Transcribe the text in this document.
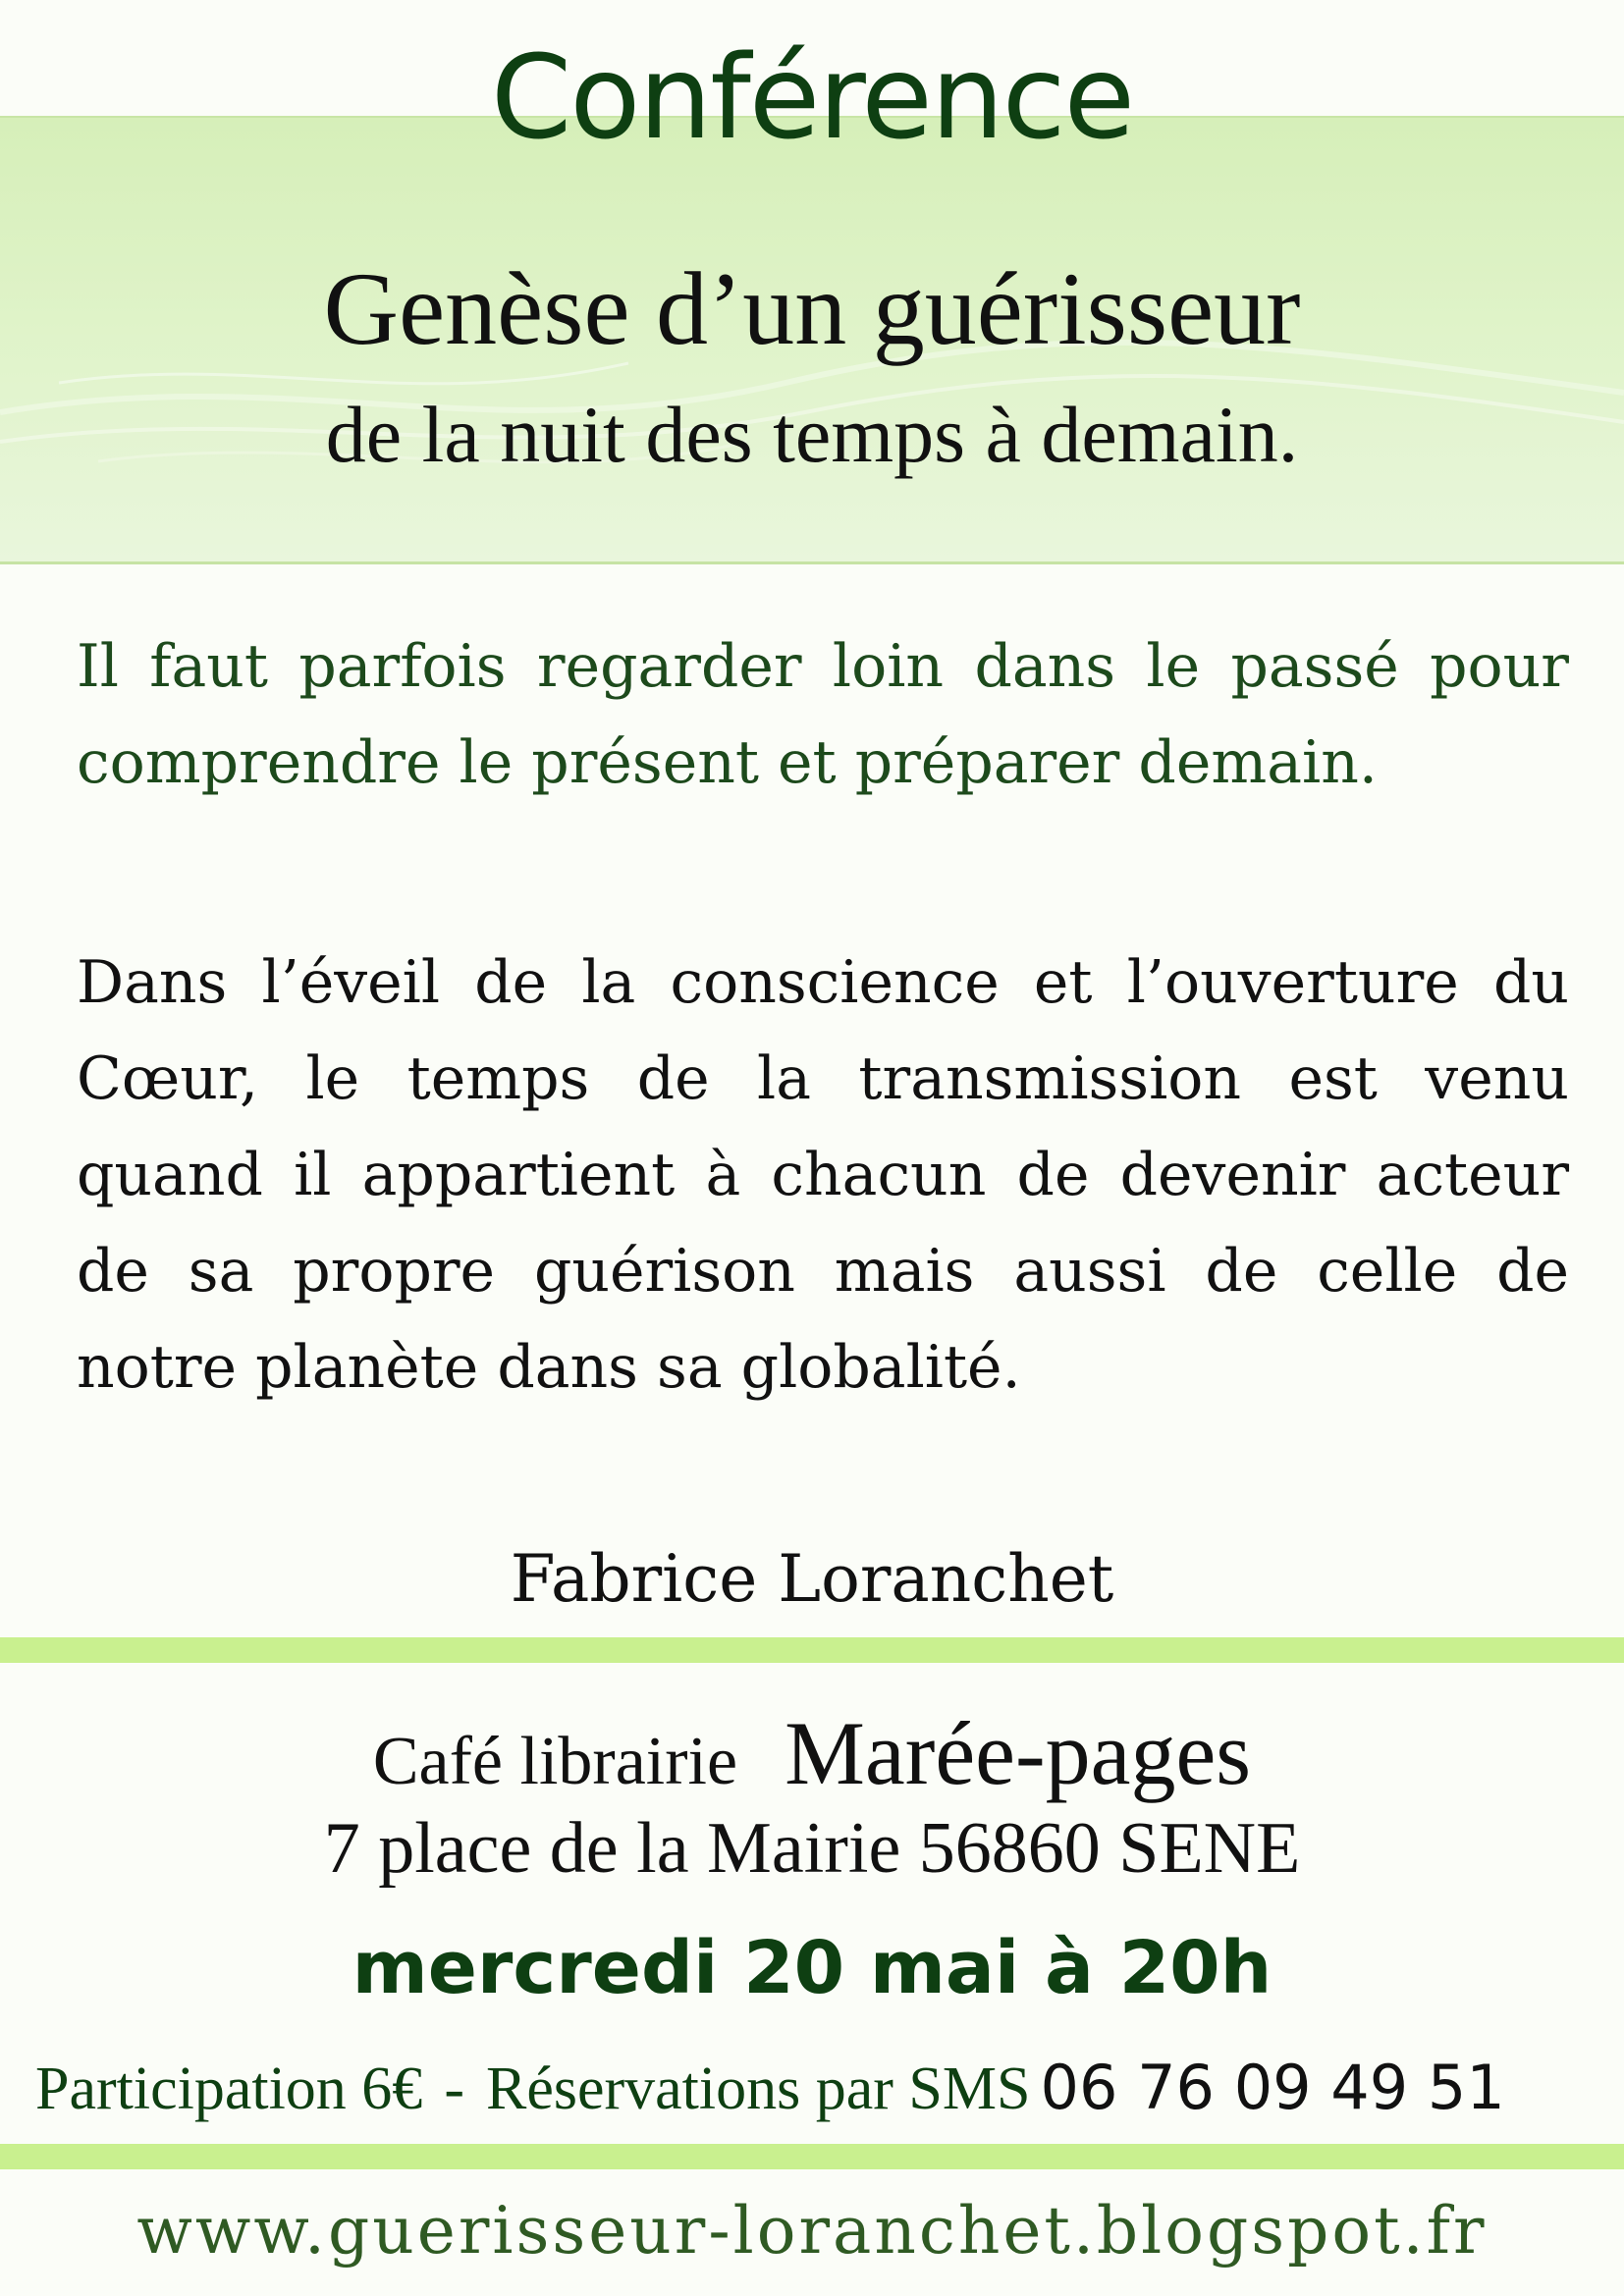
Conférence
Genèse d’un guérisseur
de la nuit des temps à demain.

Il faut parfois regarder loin dans le passé pour comprendre le présent et préparer demain.

Dans l’éveil de la conscience et l’ouverture du Cœur, le temps de la transmission est venu quand il appartient à chacun de devenir acteur de sa propre guérison mais aussi de celle de notre planète dans sa globalité.

Fabrice Loranchet
Café librairie Marée-pages
7 place de la Mairie 56860 SENE
mercredi 20 mai à 20h
Participation 6€ - Réservations par SMS 06 76 09 49 51
www.guerisseur-loranchet.blogspot.fr
